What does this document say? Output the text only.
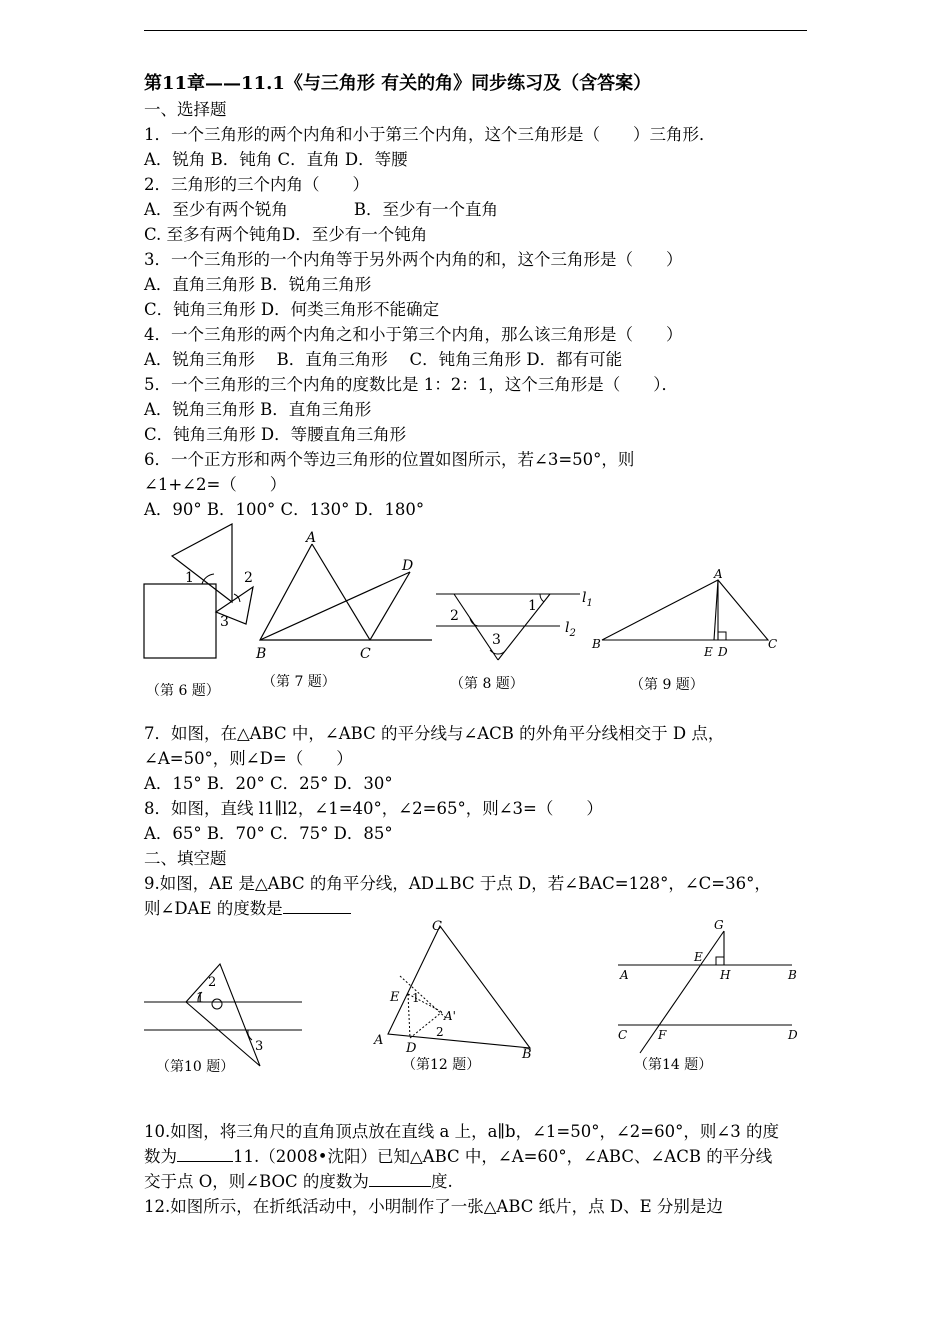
第11章——11.1《与三角形 有关的角》同步练习及（含答案）
一、选择题
1．一个三角形的两个内角和小于第三个内角，这个三角形是（　　）三角形．
A．锐角 B．钝角 C．直角 D．等腰
2．三角形的三个内角（　　）
A．至少有两个锐角　　　　B．至少有一个直角
C. 至多有两个钝角D．至少有一个钝角
3．一个三角形的一个内角等于另外两个内角的和，这个三角形是（　　）
A．直角三角形 B．锐角三角形
C．钝角三角形 D．何类三角形不能确定
4．一个三角形的两个内角之和小于第三个内角，那么该三角形是（　　）
A．锐角三角形　 B．直角三角形　 C．钝角三角形 D．都有可能
5．一个三角形的三个内角的度数比是 1：2：1，这个三角形是（　　）．
A．锐角三角形 B．直角三角形
C．钝角三角形 D．等腰直角三角形
6．一个正方形和两个等边三角形的位置如图所示，若∠3=50°，则
∠1+∠2=（　　）
A．90° B．100° C．130° D．180°
1	2
3
（第 6 题）
A
B	C
D
（第 7 题）
1
2
3
$l_1$
$l_2$
（第 8 题）
A
B
E D
C
（第 9 题）
7．如图，在△ABC 中，∠ABC 的平分线与∠ACB 的外角平分线相交于 D 点，
∠A=50°，则∠D=（　　）
A．15° B．20° C．25° D．30°
8．如图，直线 l1∥l2，∠1=40°，∠2=65°，则∠3=（　　）
A．65° B．70° C．75° D．85°
二、填空题
9.如图，AE 是△ABC 的角平分线，AD⊥BC 于点 D，若∠BAC=128°，∠C=36°，
则∠DAE 的度数是
1
2
3
（第10 题）
C
E 1
A'
2
A
D	B
（第12 题）
G
E
A	H	B
C	F	D
（第14 题）
10.如图，将三角尺的直角顶点放在直线 a 上，a∥b，∠1=50°，∠2=60°，则∠3 的度
数为	11.（2008•沈阳）已知△ABC 中，∠A=60°，∠ABC、∠ACB 的平分线
交于点 O，则∠BOC 的度数为	度.
12.如图所示，在折纸活动中，小明制作了一张△ABC 纸片，点 D、E 分别是边
